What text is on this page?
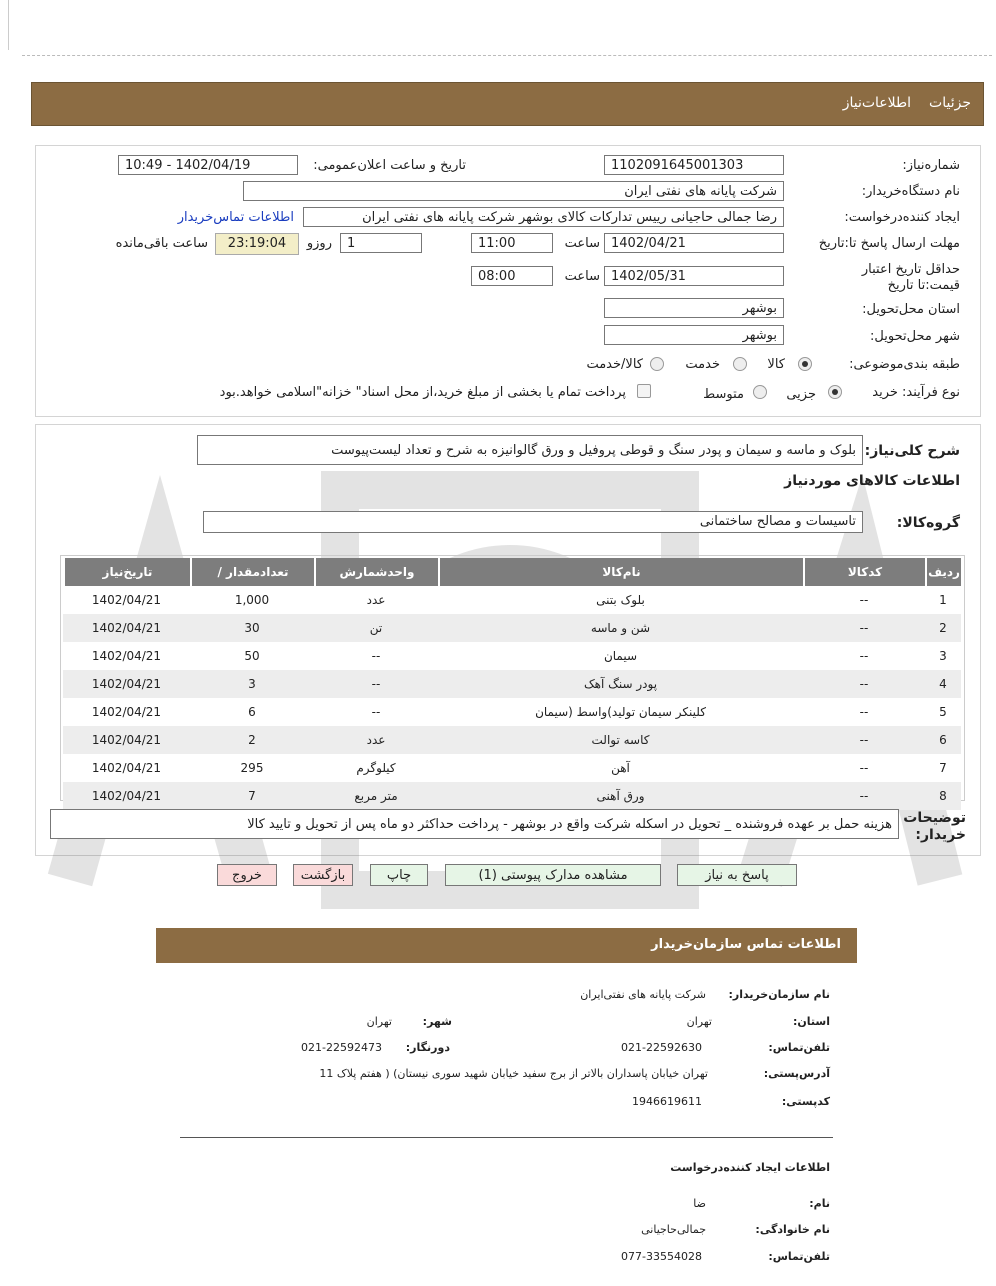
جزئیات
اطلاعات‌نیاز
شماره‌نیاز:
1102091645001303
تاریخ و ساعت اعلان‌عمومی:
1402/04/19 - 10:49
نام دستگاه‌خریدار:
شرکت پایانه های نفتی ایران
ایجاد کننده‌درخواست:
رضا جمالی حاجیانی رییس تدارکات کالای بوشهر شرکت پایانه های نفتی ایران
اطلاعات تماس‌خریدار
مهلت ارسال پاسخ تا:تاریخ
1402/04/21
ساعت
11:00
1
روزو
23:19:04
ساعت باقی‌مانده
حداقل تاریخ اعتبار قیمت:تا تاریخ
1402/05/31
ساعت
08:00
استان محل‌تحویل:
بوشهر
شهر محل‌تحویل:
بوشهر
طبقه بندی‌موضوعی:
کالا
خدمت
کالا/خدمت
نوع فرآیند: خرید
جزیی
متوسط
پرداخت تمام یا بخشی از مبلغ خرید،از محل اسناد" خزانه"اسلامی خواهد.بود
شرح کلی‌نیاز:
بلوک و ماسه و سیمان و پودر سنگ و قوطی پروفیل و ورق گالوانیزه به شرح و تعداد لیست‌پیوست
اطلاعات کالاهای موردنیاز
گروه‌کالا:
تاسیسات و مصالح ساختمانی
ردیف	کدکالا	نام‌کالا	واحدشمارش	تعدادمقدار /	تاریخ‌نیاز
1	--	بلوک بتنی	عدد	1,000	1402/04/21
2	--	شن و ماسه	تن	30	1402/04/21
3	--	سیمان	--	50	1402/04/21
4	--	پودر سنگ آهک	--	3	1402/04/21
5	--	کلینکر سیمان تولید)واسط (سیمان	--	6	1402/04/21
6	--	کاسه توالت	عدد	2	1402/04/21
7	--	آهن	کیلوگرم	295	1402/04/21
8	--	ورق آهنی	متر مربع	7	1402/04/21
توضیحات خریدار:
هزینه حمل بر عهده فروشنده _ تحویل در اسکله شرکت واقع در بوشهر - پرداخت حداکثر دو ماه پس از تحویل و تایید کالا
پاسخ به نیاز
مشاهده مدارک پیوستی (1)
چاپ
بازگشت
خروج
اطلاعات تماس سازمان‌خریدار
نام سازمان‌خریدار:
شرکت پایانه های نفتی‌ایران
استان:
تهران
شهر:
تهران
تلفن‌تماس:
021-22592630
دورنگار:
021-22592473
آدرس‌پستی:
تهران خیابان پاسداران بالاتر از برج سفید خیابان شهید سوری نیستان) ( هفتم پلاک 11
کد‌پستی:
1946619611
اطلاعات ایجاد کننده‌درخواست
نام:
ضا
نام خانوادگی:
جمالی‌حاجیانی
تلفن‌تماس:
077-33554028
